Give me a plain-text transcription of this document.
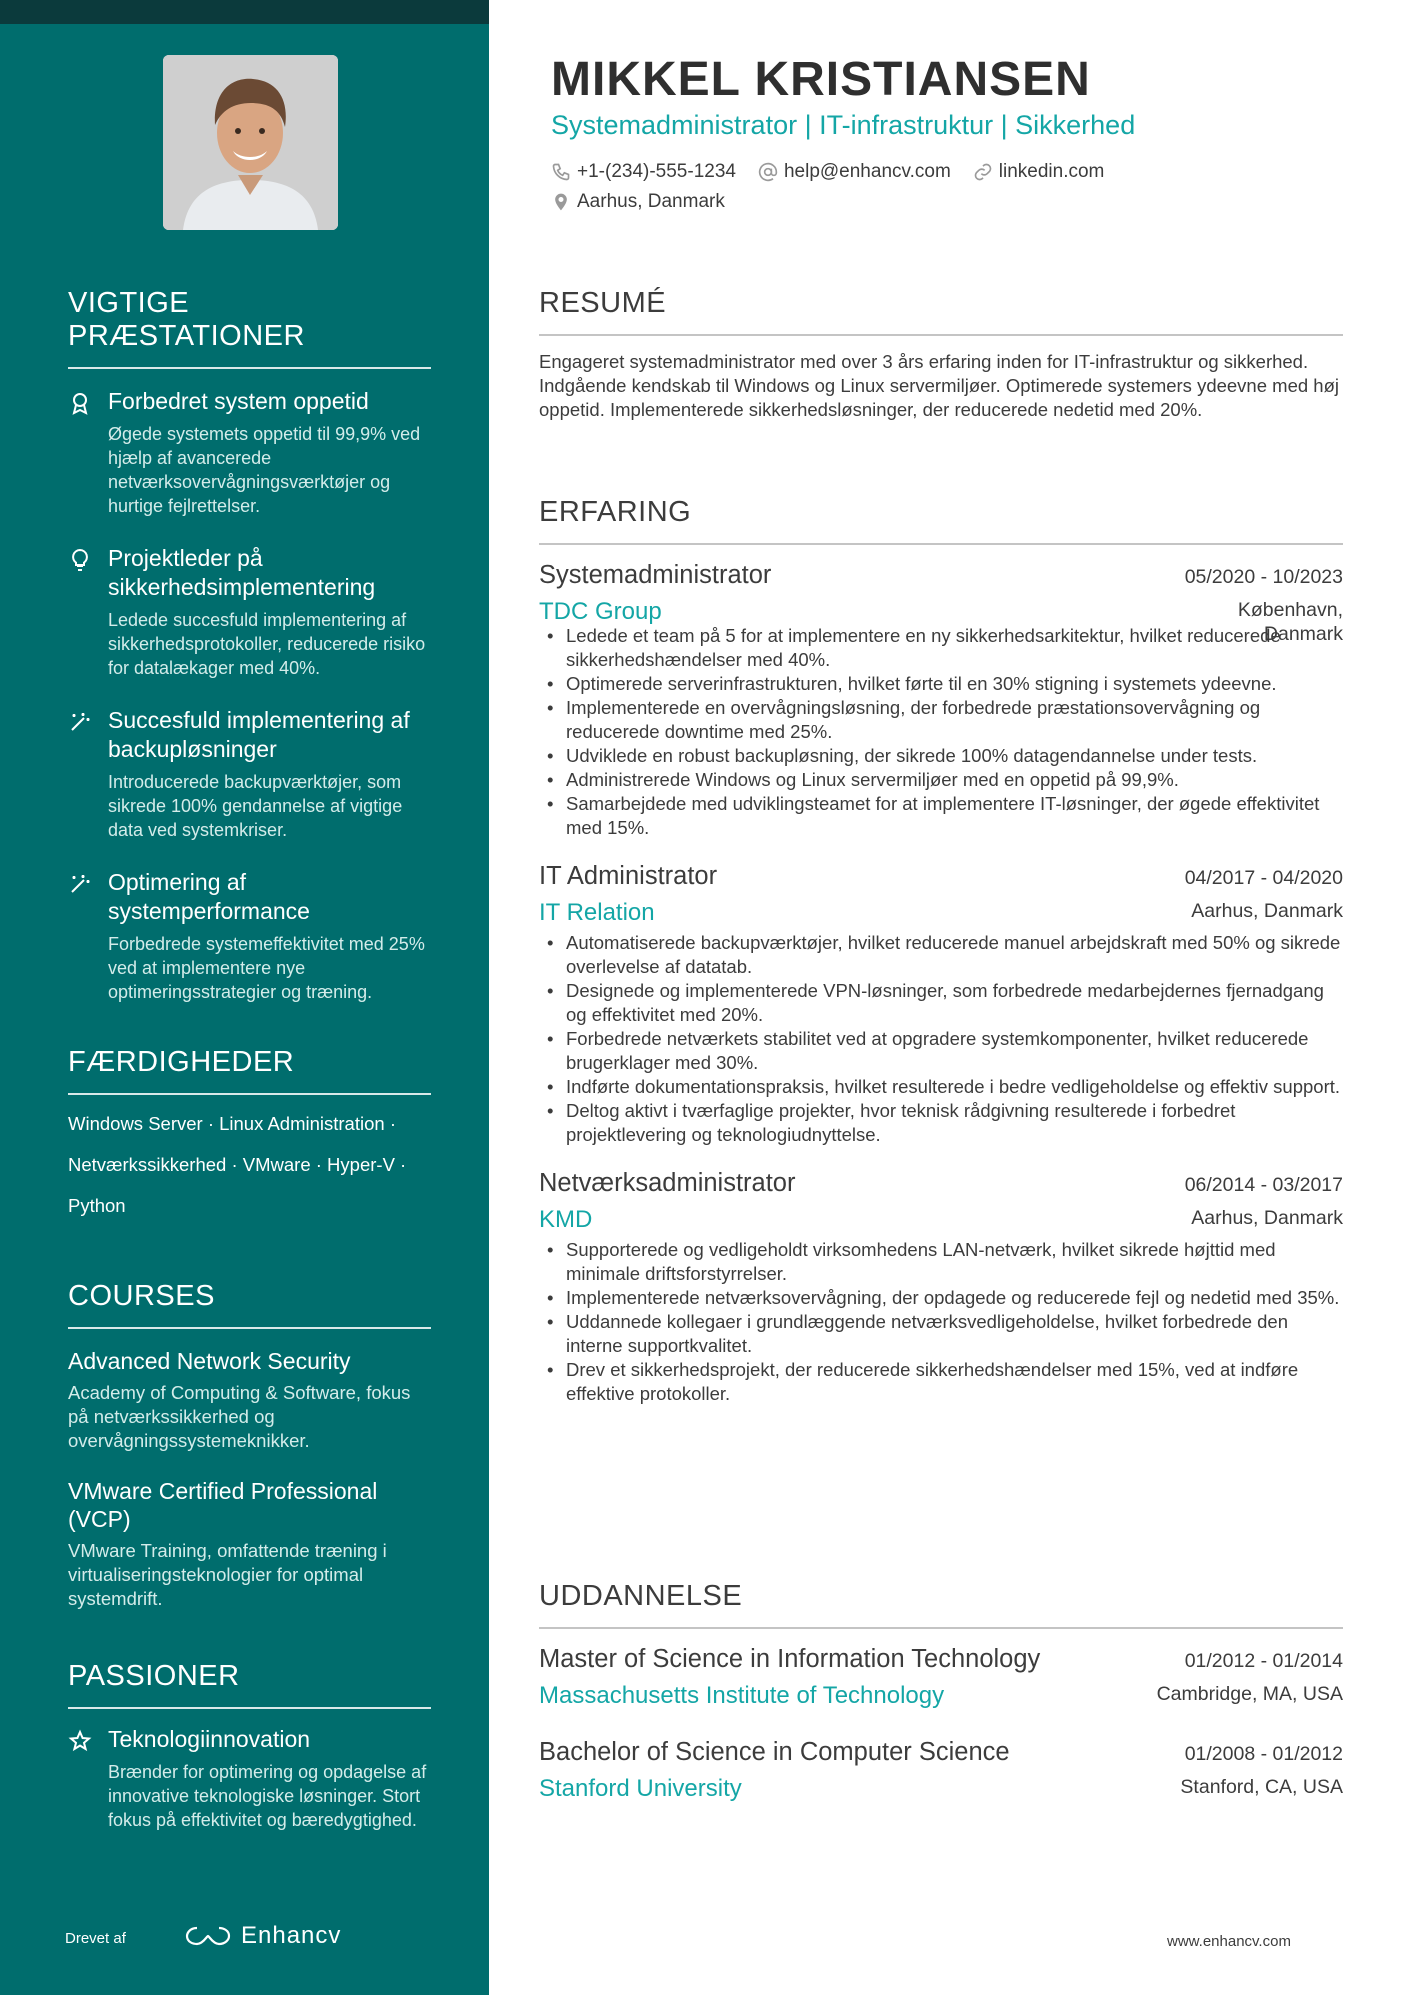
VIGTIGE PRÆSTATIONER
Forbedret system oppetid
Øgede systemets oppetid til 99,9% ved hjælp af avancerede netværksovervågningsværktøjer og hurtige fejlrettelser.
Projektleder på sikkerhedsimplementering
Ledede succesfuld implementering af sikkerhedsprotokoller, reducerede risiko for datalækager med 40%.
Succesfuld implementering af backupløsninger
Introducerede backupværktøjer, som sikrede 100% gendannelse af vigtige data ved systemkriser.
Optimering af systemperformance
Forbedrede systemeffektivitet med 25% ved at implementere nye optimeringsstrategier og træning.
FÆRDIGHEDER
Windows Server · Linux Administration ·
Netværkssikkerhed · VMware · Hyper-V ·
Python
COURSES
Advanced Network Security
Academy of Computing & Software, fokus på netværkssikkerhed og overvågningssystemeknikker.
VMware Certified Professional (VCP)
VMware Training, omfattende træning i virtualiseringsteknologier for optimal systemdrift.
PASSIONER
Teknologiinnovation
Brænder for optimering og opdagelse af innovative teknologiske løsninger. Stort fokus på effektivitet og bæredygtighed.
Drevet af	Enhancv
MIKKEL KRISTIANSEN
Systemadministrator | IT-infrastruktur | Sikkerhed
+1-(234)-555-1234	help@enhancv.com	linkedin.com
Aarhus, Danmark
RESUMÉ
Engageret systemadministrator med over 3 års erfaring inden for IT-infrastruktur og sikkerhed. Indgående kendskab til Windows og Linux servermiljøer. Optimerede systemers ydeevne med høj oppetid. Implementerede sikkerhedsløsninger, der reducerede nedetid med 20%.
ERFARING
Systemadministrator	05/2020 - 10/2023
TDC Group	København,
Danmark
• Ledede et team på 5 for at implementere en ny sikkerhedsarkitektur, hvilket reducerede sikkerhedshændelser med 40%.
• Optimerede serverinfrastrukturen, hvilket førte til en 30% stigning i systemets ydeevne.
• Implementerede en overvågningsløsning, der forbedrede præstationsovervågning og reducerede downtime med 25%.
• Udviklede en robust backupløsning, der sikrede 100% datagendannelse under tests.
• Administrerede Windows og Linux servermiljøer med en oppetid på 99,9%.
• Samarbejdede med udviklingsteamet for at implementere IT-løsninger, der øgede effektivitet med 15%.
IT Administrator	04/2017 - 04/2020
IT Relation	Aarhus, Danmark
• Automatiserede backupværktøjer, hvilket reducerede manuel arbejdskraft med 50% og sikrede overlevelse af datatab.
• Designede og implementerede VPN-løsninger, som forbedrede medarbejdernes fjernadgang og effektivitet med 20%.
• Forbedrede netværkets stabilitet ved at opgradere systemkomponenter, hvilket reducerede brugerklager med 30%.
• Indførte dokumentationspraksis, hvilket resulterede i bedre vedligeholdelse og effektiv support.
• Deltog aktivt i tværfaglige projekter, hvor teknisk rådgivning resulterede i forbedret projektlevering og teknologiudnyttelse.
Netværksadministrator	06/2014 - 03/2017
KMD	Aarhus, Danmark
• Supporterede og vedligeholdt virksomhedens LAN-netværk, hvilket sikrede højttid med minimale driftsforstyrrelser.
• Implementerede netværksovervågning, der opdagede og reducerede fejl og nedetid med 35%.
• Uddannede kollegaer i grundlæggende netværksvedligeholdelse, hvilket forbedrede den interne supportkvalitet.
• Drev et sikkerhedsprojekt, der reducerede sikkerhedshændelser med 15%, ved at indføre effektive protokoller.
UDDANNELSE
Master of Science in Information Technology	01/2012 - 01/2014
Massachusetts Institute of Technology	Cambridge, MA, USA
Bachelor of Science in Computer Science	01/2008 - 01/2012
Stanford University	Stanford, CA, USA
www.enhancv.com
